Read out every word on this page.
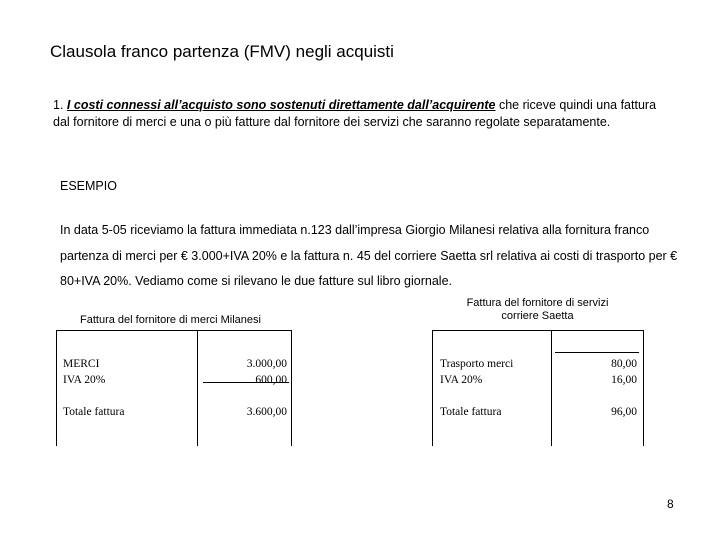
Clausola franco partenza (FMV) negli acquisti
1. I costi connessi all’acquisto sono sostenuti direttamente dall’acquirente che riceve quindi una fattura dal fornitore di merci e una o più fatture dal fornitore dei servizi che saranno regolate separatamente.
ESEMPIO
In data 5-05 riceviamo la fattura immediata n.123 dall’impresa Giorgio Milanesi relativa alla fornitura franco partenza di merci per € 3.000+IVA 20% e la fattura n. 45 del corriere Saetta srl relativa ai costi di trasporto per € 80+IVA 20%. Vediamo come si rilevano le due fatture sul libro giornale.
Fattura del fornitore di merci Milanesi
Fattura del fornitore di servizi
corriere Saetta
MERCI
IVA 20%
3.000,00
600,00
Totale fattura	3.600,00
Trasporto merci
IVA 20%
80,00
16,00
Totale fattura	96,00
8
